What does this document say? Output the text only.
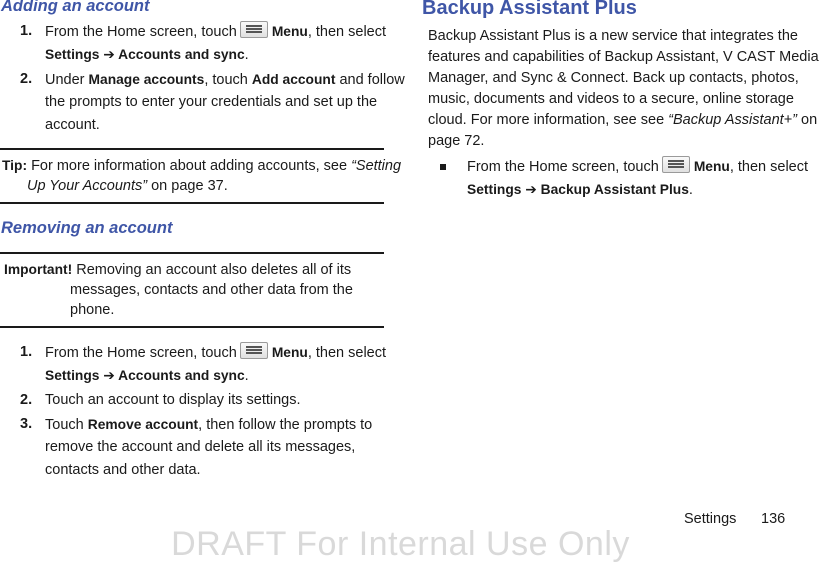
Adding an account
1. From the Home screen, touch	Menu, then select
Settings ➔ Accounts and sync.
2. Under Manage accounts, touch Add account and follow
the prompts to enter your credentials and set up the
account.
Tip: For more information about adding accounts, see “Setting
Up Your Accounts” on page 37.
Removing an account
Important! Removing an account also deletes all of its
messages, contacts and other data from the
phone.
1. From the Home screen, touch	Menu, then select
Settings ➔ Accounts and sync.
2. Touch an account to display its settings.
3. Touch Remove account, then follow the prompts to
remove the account and delete all its messages,
contacts and other data.
Backup Assistant Plus
Backup Assistant Plus is a new service that integrates the
features and capabilities of Backup Assistant, V CAST Media
Manager, and Sync & Connect. Back up contacts, photos,
music, documents and videos to a secure, online storage
cloud. For more information, see see “Backup Assistant+” on
page 72.
From the Home screen, touch	Menu, then select
Settings ➔ Backup Assistant Plus.
Settings 136
DRAFT For Internal Use Only
